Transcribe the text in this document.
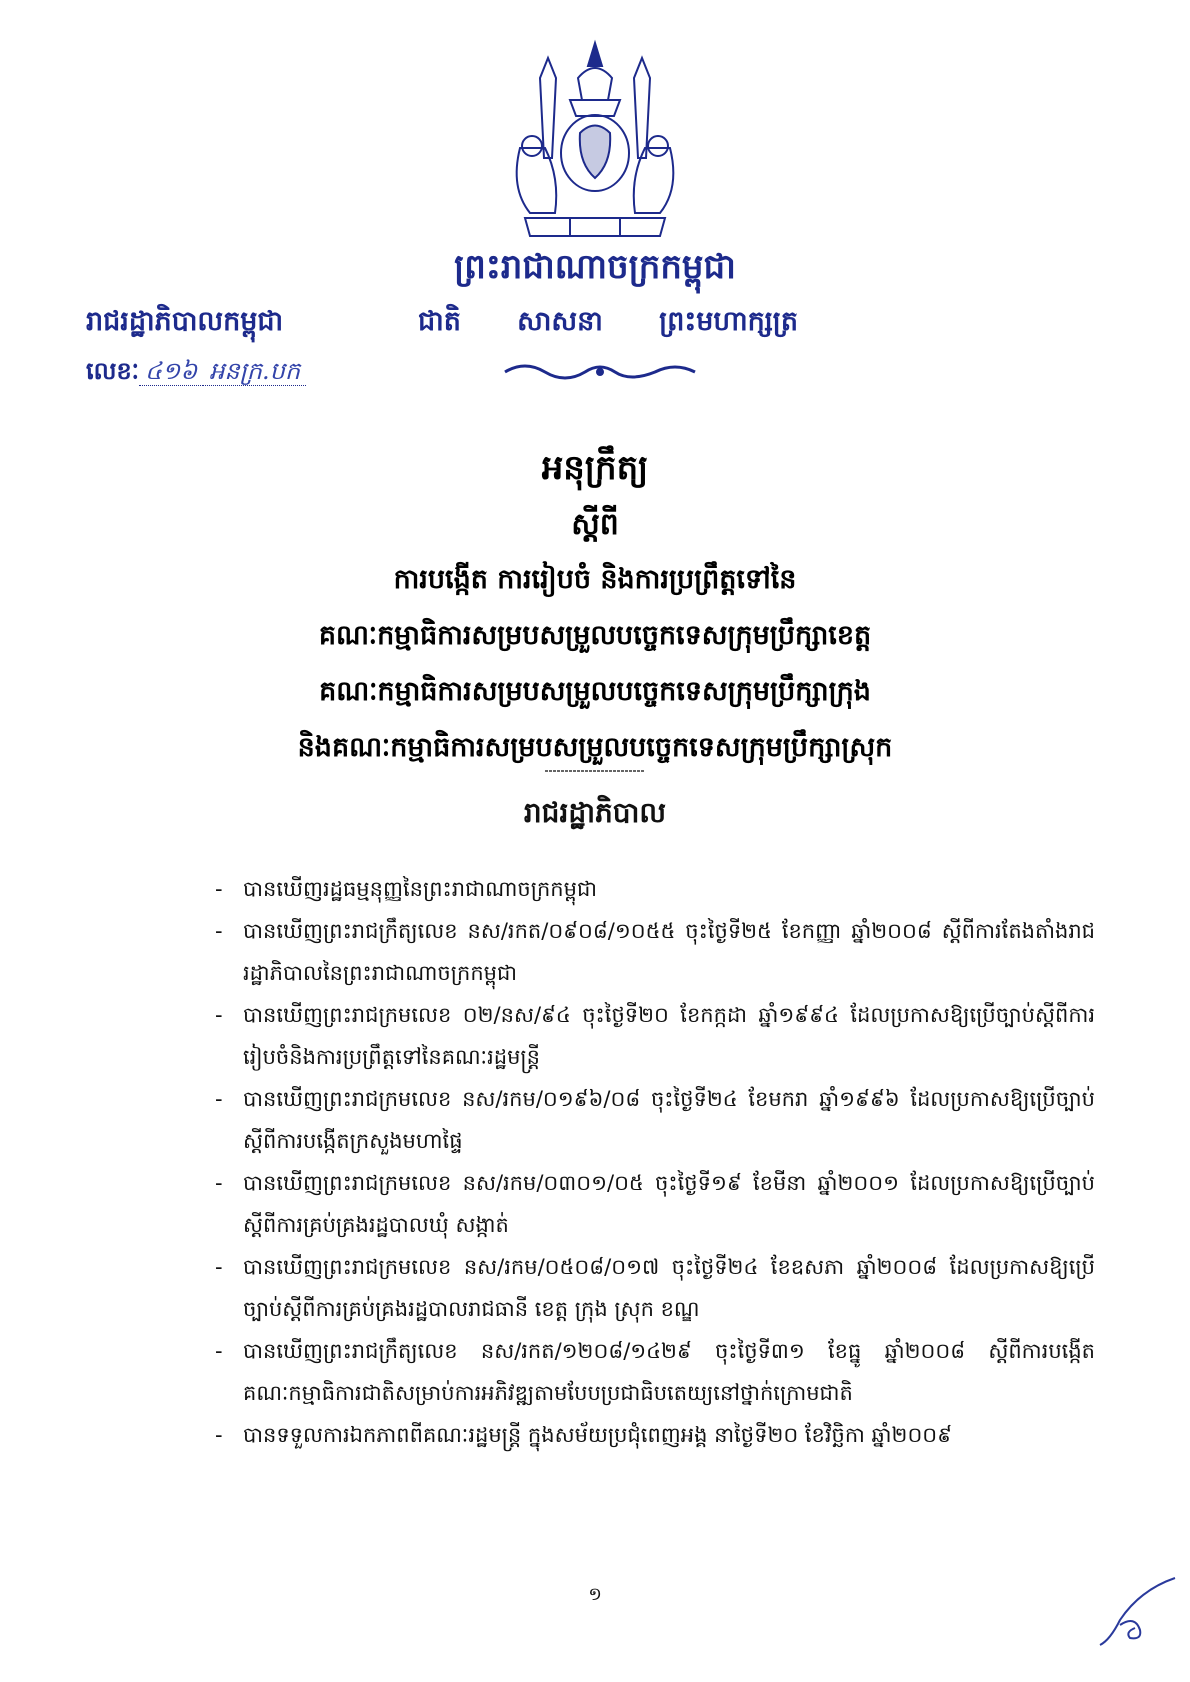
ព្រះរាជាណាចក្រកម្ពុជា
រាជរដ្ឋាភិបាលកម្ពុជា	ជាតិ សាសនា ព្រះមហាក្សត្រ
លេខៈ ៤១៦ អនក្រ.បក
អនុក្រឹត្យ
ស្តីពី
ការបង្កើត ការរៀបចំ និងការប្រព្រឹត្តទៅនៃ
គណៈកម្មាធិការសម្របសម្រួលបច្ចេកទេសក្រុមប្រឹក្សាខេត្ត
គណៈកម្មាធិការសម្របសម្រួលបច្ចេកទេសក្រុមប្រឹក្សាក្រុង
និងគណៈកម្មាធិការសម្របសម្រួលបច្ចេកទេសក្រុមប្រឹក្សាស្រុក
រាជរដ្ឋាភិបាល
- បានឃើញរដ្ឋធម្មនុញ្ញនៃព្រះរាជាណាចក្រកម្ពុជា
- បានឃើញព្រះរាជក្រឹត្យលេខ នស/រកត/០៩០៨/១០៥៥ ចុះថ្ងៃទី២៥ ខែកញ្ញា ឆ្នាំ២០០៨ ស្តីពីការតែងតាំងរាជរដ្ឋាភិបាលនៃព្រះរាជាណាចក្រកម្ពុជា
- បានឃើញព្រះរាជក្រមលេខ ០២/នស/៩៤ ចុះថ្ងៃទី២០ ខែកក្កដា ឆ្នាំ១៩៩៤ ដែលប្រកាសឱ្យប្រើច្បាប់ស្តីពីការរៀបចំនិងការប្រព្រឹត្តទៅនៃគណៈរដ្ឋមន្ត្រី
- បានឃើញព្រះរាជក្រមលេខ នស/រកម/០១៩៦/០៨ ចុះថ្ងៃទី២៤ ខែមករា ឆ្នាំ១៩៩៦ ដែលប្រកាសឱ្យប្រើច្បាប់ស្តីពីការបង្កើតក្រសួងមហាផ្ទៃ
- បានឃើញព្រះរាជក្រមលេខ នស/រកម/០៣០១/០៥ ចុះថ្ងៃទី១៩ ខែមីនា ឆ្នាំ២០០១ ដែលប្រកាសឱ្យប្រើច្បាប់ស្តីពីការគ្រប់គ្រងរដ្ឋបាលឃុំ សង្កាត់
- បានឃើញព្រះរាជក្រមលេខ នស/រកម/០៥០៨/០១៧ ចុះថ្ងៃទី២៤ ខែឧសភា ឆ្នាំ២០០៨ ដែលប្រកាសឱ្យប្រើច្បាប់ស្តីពីការគ្រប់គ្រងរដ្ឋបាលរាជធានី ខេត្ត ក្រុង ស្រុក ខណ្ឌ
- បានឃើញព្រះរាជក្រឹត្យលេខ នស/រកត/១២០៨/១៤២៩ ចុះថ្ងៃទី៣១ ខែធ្នូ ឆ្នាំ២០០៨ ស្តីពីការបង្កើតគណៈកម្មាធិការជាតិសម្រាប់ការអភិវឌ្ឍតាមបែបប្រជាធិបតេយ្យនៅថ្នាក់ក្រោមជាតិ
- បានទទួលការឯកភាពពីគណៈរដ្ឋមន្ត្រី ក្នុងសម័យប្រជុំពេញអង្គ នាថ្ងៃទី២០ ខែវិច្ឆិកា ឆ្នាំ២០០៩
១
